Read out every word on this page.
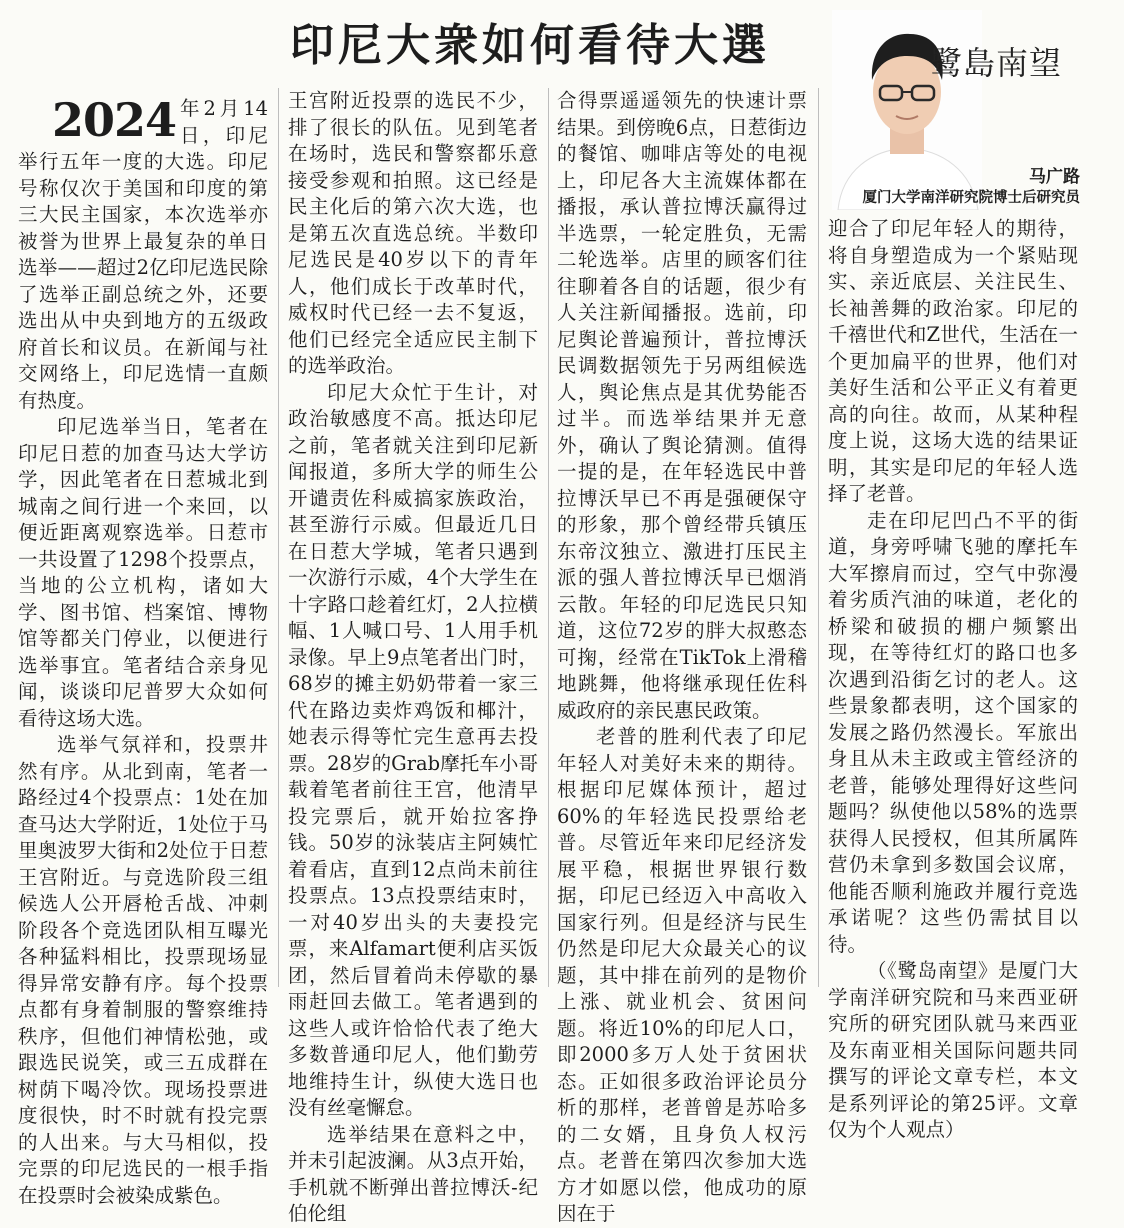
印尼大衆如何看待大選	鹭島南望
马广路
厦门大学南洋研究院博士后研究员
2024 年2月14日，印尼举行五年一度的大选。印尼号称仅次于美国和印度的第三大民主国家，本次选举亦被誉为世界上最复杂的单日选举——超过2亿印尼选民除了选举正副总统之外，还要选出从中央到地方的五级政府首长和议员。在新闻与社交网络上，印尼选情一直颇有热度。

印尼选举当日，笔者在印尼日惹的加查马达大学访学，因此笔者在日惹城北到城南之间行进一个来回，以便近距离观察选举。日惹市一共设置了1298个投票点，当地的公立机构，诸如大学、图书馆、档案馆、博物馆等都关门停业，以便进行选举事宜。笔者结合亲身见闻，谈谈印尼普罗大众如何看待这场大选。

选举气氛祥和，投票井然有序。从北到南，笔者一路经过4个投票点：1处在加查马达大学附近，1处位于马里奥波罗大街和2处位于日惹王宫附近。与竞选阶段三组候选人公开唇枪舌战、冲刺阶段各个竞选团队相互曝光各种猛料相比，投票现场显得异常安静有序。每个投票点都有身着制服的警察维持秩序，但他们神情松弛，或跟选民说笑，或三五成群在树荫下喝冷饮。现场投票进度很快，时不时就有投完票的人出来。与大马相似，投完票的印尼选民的一根手指在投票时会被染成紫色。

王宫附近投票的选民不少，排了很长的队伍。见到笔者在场时，选民和警察都乐意接受参观和拍照。这已经是民主化后的第六次大选，也是第五次直选总统。半数印尼选民是40岁以下的青年人，他们成长于改革时代，威权时代已经一去不复返，他们已经完全适应民主制下的选举政治。

印尼大众忙于生计，对政治敏感度不高。抵达印尼之前，笔者就关注到印尼新闻报道，多所大学的师生公开谴责佐科威搞家族政治，甚至游行示威。但最近几日在日惹大学城，笔者只遇到一次游行示威，4个大学生在十字路口趁着红灯，2人拉横幅、1人喊口号、1人用手机录像。早上9点笔者出门时，68岁的摊主奶奶带着一家三代在路边卖炸鸡饭和椰汁，她表示得等忙完生意再去投票。28岁的Grab摩托车小哥载着笔者前往王宫，他清早投完票后，就开始拉客挣钱。50岁的泳装店主阿姨忙着看店，直到12点尚未前往投票点。13点投票结束时，一对40岁出头的夫妻投完票，来Alfamart便利店买饭团，然后冒着尚未停歇的暴雨赶回去做工。笔者遇到的这些人或许恰恰代表了绝大多数普通印尼人，他们勤劳地维持生计，纵使大选日也没有丝毫懈怠。

选举结果在意料之中，并未引起波澜。从3点开始，手机就不断弹出普拉博沃-纪伯伦组

合得票遥遥领先的快速计票结果。到傍晚6点，日惹街边的餐馆、咖啡店等处的电视上，印尼各大主流媒体都在播报，承认普拉博沃赢得过半选票，一轮定胜负，无需二轮选举。店里的顾客们往往聊着各自的话题，很少有人关注新闻播报。选前，印尼舆论普遍预计，普拉博沃民调数据领先于另两组候选人，舆论焦点是其优势能否过半。而选举结果并无意外，确认了舆论猜测。值得一提的是，在年轻选民中普拉博沃早已不再是强硬保守的形象，那个曾经带兵镇压东帝汶独立、激进打压民主派的强人普拉博沃早已烟消云散。年轻的印尼选民只知道，这位72岁的胖大叔憨态可掬，经常在TikTok上滑稽地跳舞，他将继承现任佐科威政府的亲民惠民政策。

老普的胜利代表了印尼年轻人对美好未来的期待。根据印尼媒体预计，超过60%的年轻选民投票给老普。尽管近年来印尼经济发展平稳，根据世界银行数据，印尼已经迈入中高收入国家行列。但是经济与民生仍然是印尼大众最关心的议题，其中排在前列的是物价上涨、就业机会、贫困问题。将近10%的印尼人口，即2000多万人处于贫困状态。正如很多政治评论员分析的那样，老普曾是苏哈多的二女婿，且身负人权污点。老普在第四次参加大选方才如愿以偿，他成功的原因在于

迎合了印尼年轻人的期待，将自身塑造成为一个紧贴现实、亲近底层、关注民生、长袖善舞的政治家。印尼的千禧世代和Z世代，生活在一个更加扁平的世界，他们对美好生活和公平正义有着更高的向往。故而，从某种程度上说，这场大选的结果证明，其实是印尼的年轻人选择了老普。

走在印尼凹凸不平的街道，身旁呼啸飞驰的摩托车大军擦肩而过，空气中弥漫着劣质汽油的味道，老化的桥梁和破损的棚户频繁出现，在等待红灯的路口也多次遇到沿街乞讨的老人。这些景象都表明，这个国家的发展之路仍然漫长。军旅出身且从未主政或主管经济的老普，能够处理得好这些问题吗？纵使他以58%的选票获得人民授权，但其所属阵营仍未拿到多数国会议席，他能否顺利施政并履行竞选承诺呢？这些仍需拭目以待。

（《鹭岛南望》是厦门大学南洋研究院和马来西亚研究所的研究团队就马来西亚及东南亚相关国际问题共同撰写的评论文章专栏，本文是系列评论的第25评。文章仅为个人观点）
